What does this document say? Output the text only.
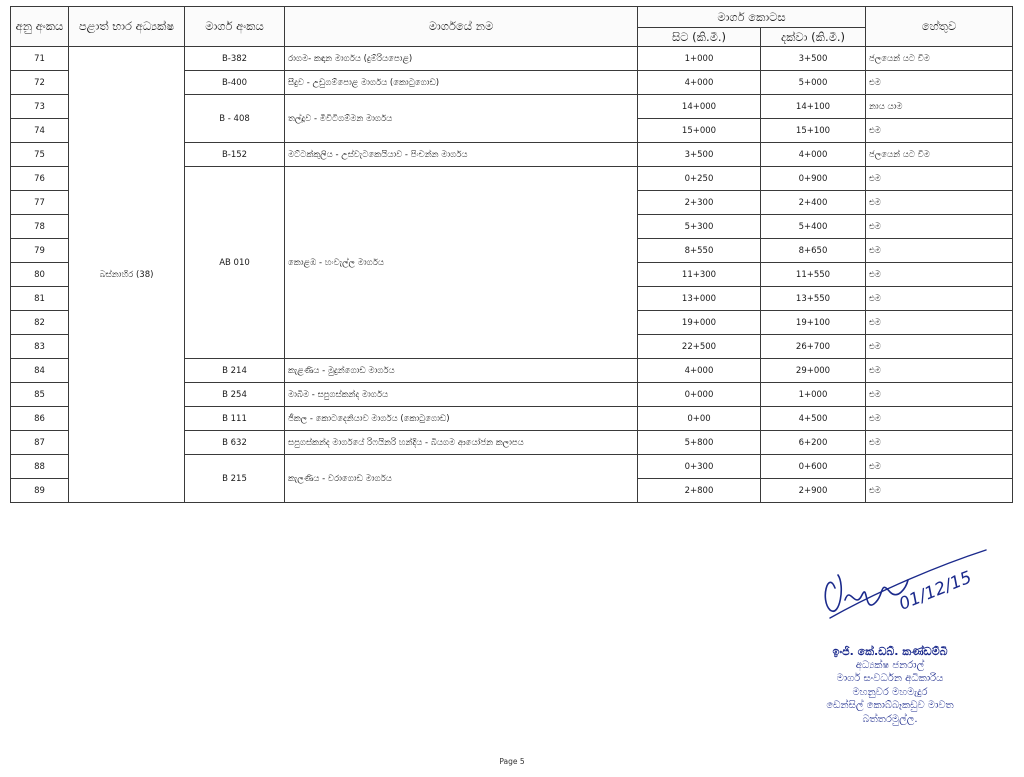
අනු අංකය	පළාත් භාර අධ්‍යක්ෂ	මාර්ග අංකය	මාර්ගයේ නම	මාර්ග කොටස		හේතුව
				සිට (කි.මී.)	දක්වා (කි.මී.)	
71	බස්නාහිර (38)	B-382	රාගම- කඳාන මාර්ගය (දුම්රියපොළ)	1+000	3+500	ජලයෙන් යට වීම
72		B-400	සීදුව - උඩුගම්පොළ මාර්ගය (කොටුගොඩ)	4+000	5+000	එම
73		B - 408	තල්දූව - මීවිටිගම්මන මාර්ගය	14+000	14+100	නාය යාම
74				15+000	15+100	එම
75		B-152	මට්ටක්කුලිය - උස්වැටකෙයියාව - පිංචන්න මාර්ගය	3+500	4+000	ජලයෙන් යට වීම
76		AB 010	කොළඹ - හංවැල්ල මාර්ගය	0+250	0+900	එම
77				2+300	2+400	එම
78				5+300	5+400	එම
79				8+550	8+650	එම
80				11+300	11+550	එම
81				13+000	13+550	එම
82				19+000	19+100	එම
83				22+500	26+700	එම
84		B 214	කැළණිය - මුදුන්ගොඩ මාර්ගය	4+000	29+000	එම
85		B 254	මාබිම - සපුගස්කන්ද මාර්ගය	0+000	1+000	එම
86		B 111	ජීකල - කොටදෙනියාව මාර්ගය (කොටුගොඩ)	0+00	4+500	එම
87		B 632	සපුගස්කන්ද මාර්ගයේ රිෆයිනරි හන්දිය - බියගම ආයෝජන කලාපය	5+800	6+200	එම
88		B 215	කැලණිය - වරාගොඩ මාර්ගය	0+300	0+600	එම
89				2+800	2+900	එම
01/12/15
ඉංජි. කේ.ඩබ්. කණ්ඩම්බි
අධ්‍යක්ෂ ජනරාල්
මාර්ග සංවර්ධන අධිකාරිය
මහනුවර මහමැදුර
ඩෙන්සිල් කොබ්බෑකඩුව මාවත
බත්තරමුල්ල.
Page 5
